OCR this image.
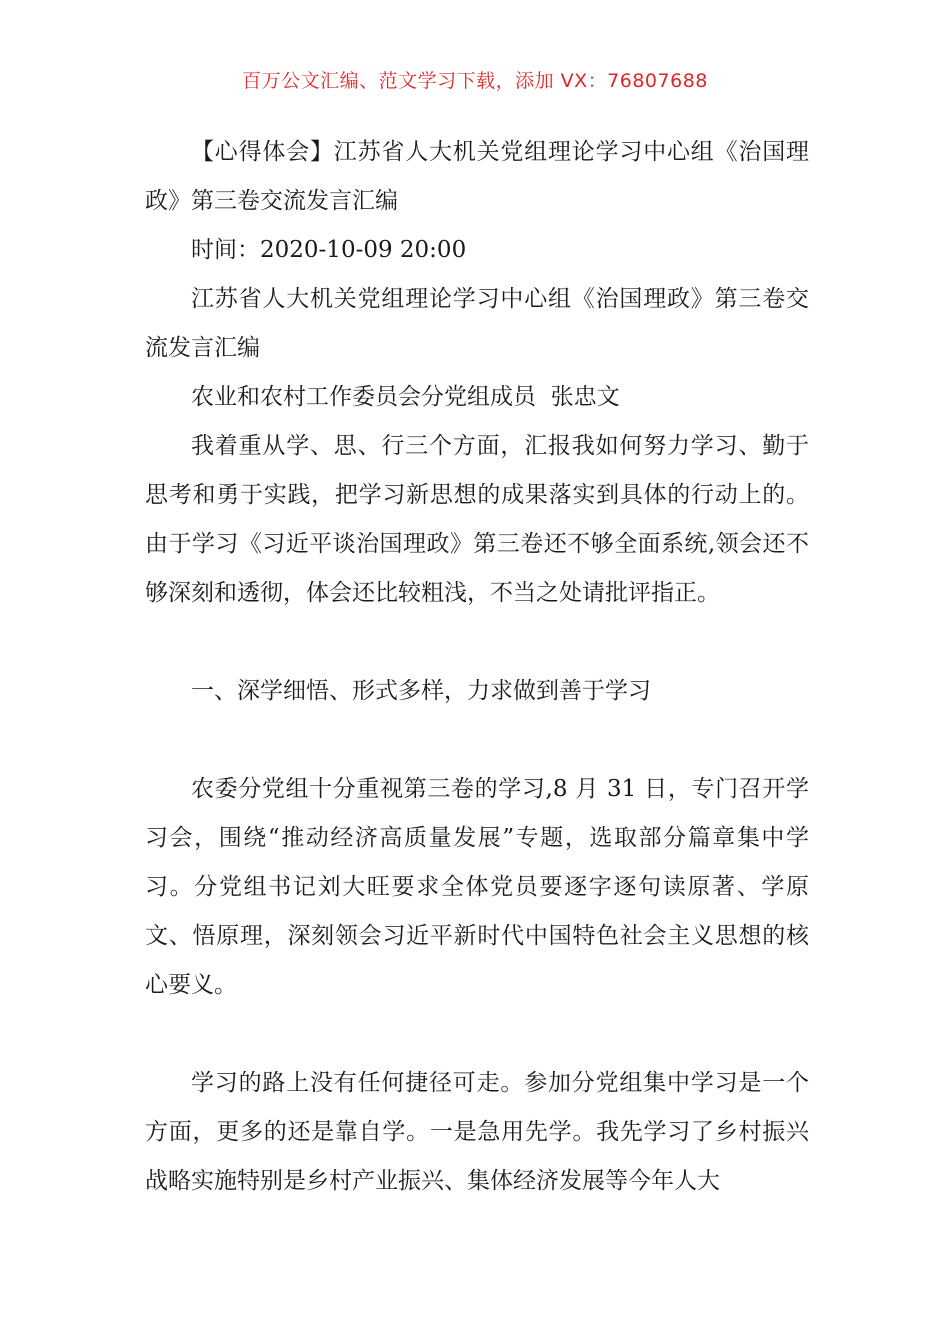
百万公文汇编、范文学习下载，添加 VX：76807688

【心得体会】江苏省人大机关党组理论学习中心组《治国理政》第三卷交流发言汇编

时间：2020-10-09 20:00

江苏省人大机关党组理论学习中心组《治国理政》第三卷交流发言汇编

农业和农村工作委员会分党组成员  张忠文

我着重从学、思、行三个方面，汇报我如何努力学习、勤于思考和勇于实践，把学习新思想的成果落实到具体的行动上的。由于学习《习近平谈治国理政》第三卷还不够全面系统,领会还不够深刻和透彻，体会还比较粗浅，不当之处请批评指正。

一、深学细悟、形式多样，力求做到善于学习

农委分党组十分重视第三卷的学习,8 月 31 日，专门召开学习会，围绕“推动经济高质量发展”专题，选取部分篇章集中学习。分党组书记刘大旺要求全体党员要逐字逐句读原著、学原文、悟原理，深刻领会习近平新时代中国特色社会主义思想的核心要义。

学习的路上没有任何捷径可走。参加分党组集中学习是一个方面，更多的还是靠自学。一是急用先学。我先学习了乡村振兴战略实施特别是乡村产业振兴、集体经济发展等今年人大
